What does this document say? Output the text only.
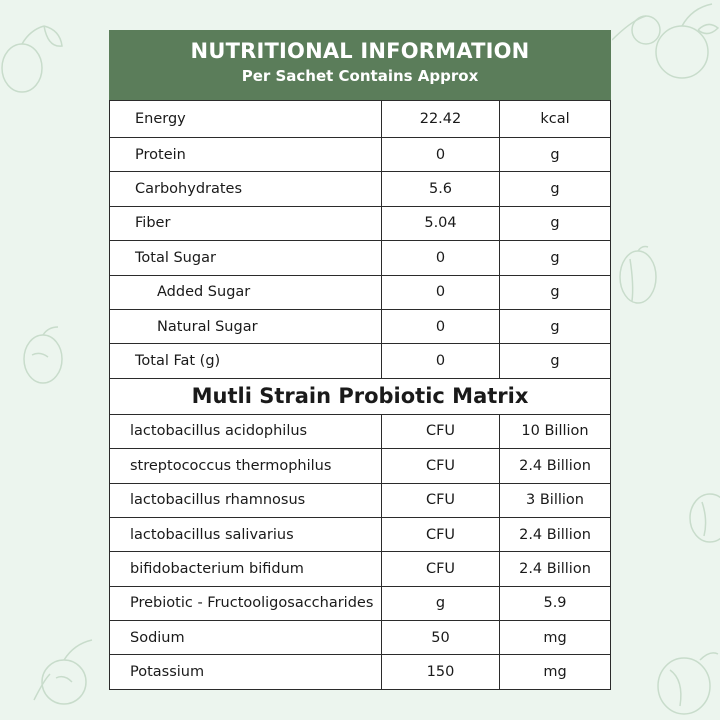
NUTRITIONAL INFORMATION
Per Sachet Contains Approx
Energy	22.42	kcal
Protein	0	g
Carbohydrates	5.6	g
Fiber	5.04	g
Total Sugar	0	g
Added Sugar	0	g
Natural Sugar	0	g
Total Fat (g)	0	g
Mutli Strain Probiotic Matrix		
lactobacillus acidophilus	CFU	10 Billion
streptococcus thermophilus	CFU	2.4 Billion
lactobacillus rhamnosus	CFU	3 Billion
lactobacillus salivarius	CFU	2.4 Billion
bifidobacterium bifidum	CFU	2.4 Billion
Prebiotic - Fructooligosaccharides	g	5.9
Sodium	50	mg
Potassium	150	mg
